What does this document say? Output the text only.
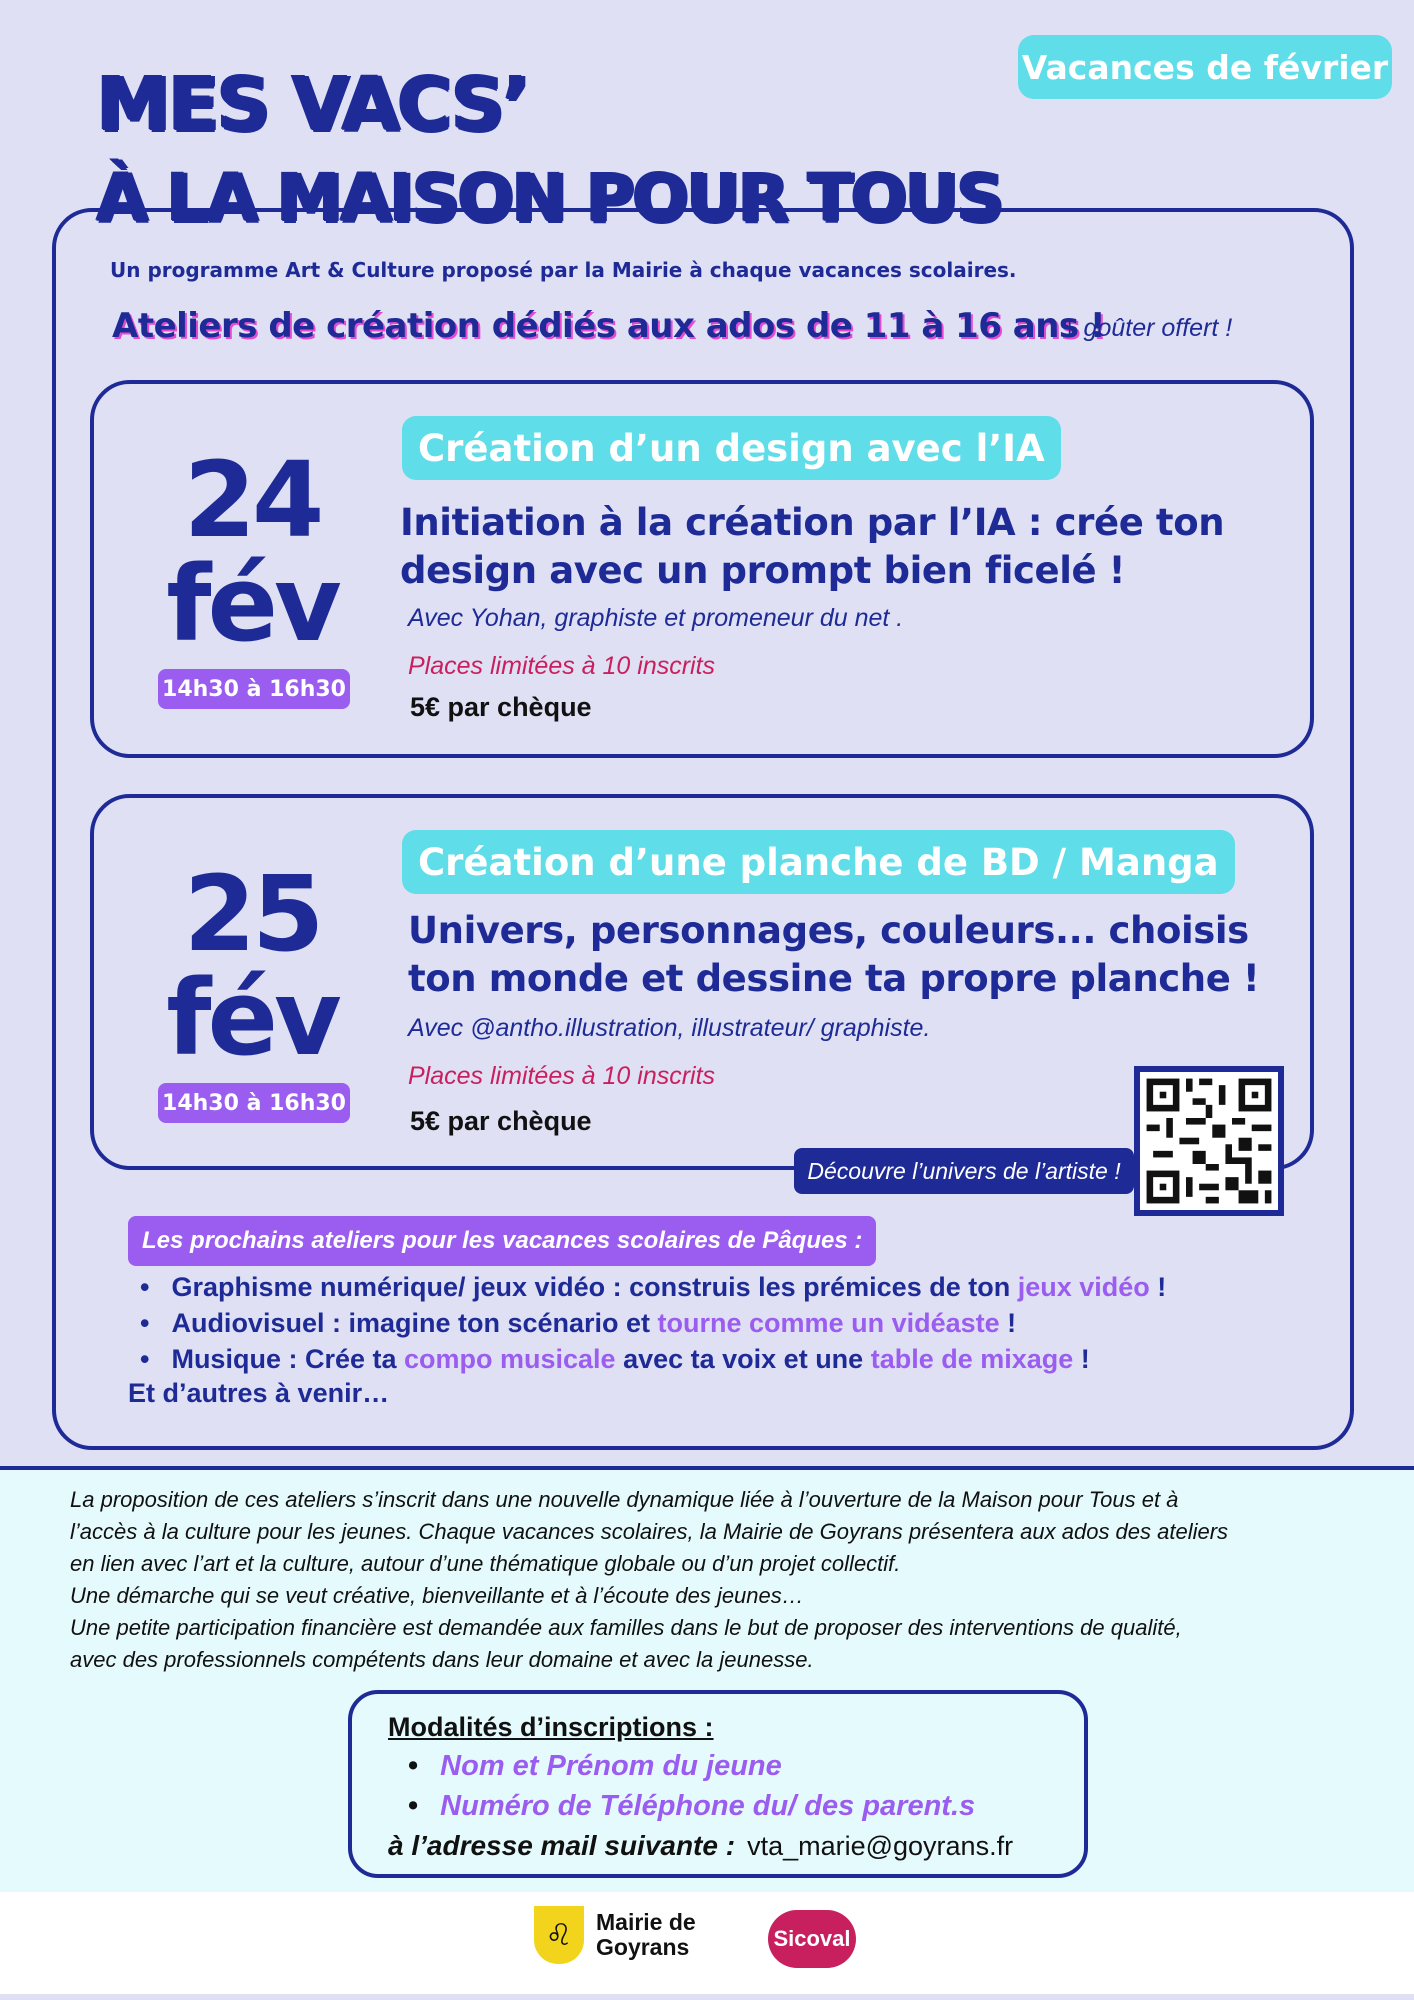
Vacances de février
MES VACS’
À LA MAISON POUR TOUS
Un programme Art & Culture proposé par la Mairie à chaque vacances scolaires.
Ateliers de création dédiés aux ados de 11 à 16 ans !
+ goûter offert !
24
fév
14h30 à 16h30
Création d’un design avec l’IA
Initiation à la création par l’IA : crée ton
design avec un prompt bien ficelé !
Avec Yohan, graphiste et promeneur du net .
Places limitées à 10 inscrits
5€ par chèque
25
fév
14h30 à 16h30
Création d’une planche de BD / Manga
Univers, personnages, couleurs... choisis
ton monde et dessine ta propre planche !
Avec @antho.illustration, illustrateur/ graphiste.
Places limitées à 10 inscrits
5€ par chèque
Découvre l’univers de l’artiste !
Les prochains ateliers pour les vacances scolaires de Pâques :
• Graphisme numérique/ jeux vidéo : construis les prémices de ton jeux vidéo !
• Audiovisuel : imagine ton scénario et tourne comme un vidéaste !
• Musique : Crée ta compo musicale avec ta voix et une table de mixage !
Et d’autres à venir…
La proposition de ces ateliers s’inscrit dans une nouvelle dynamique liée à l’ouverture de la Maison pour Tous et à
l’accès à la culture pour les jeunes. Chaque vacances scolaires, la Mairie de Goyrans présentera aux ados des ateliers
en lien avec l’art et la culture, autour d’une thématique globale ou d’un projet collectif.
Une démarche qui se veut créative, bienveillante et à l’écoute des jeunes…
Une petite participation financière est demandée aux familles dans le but de proposer des interventions de qualité,
avec des professionnels compétents dans leur domaine et avec la jeunesse.
Modalités d’inscriptions :
• Nom et Prénom du jeune
• Numéro de Téléphone du/ des parent.s
à l’adresse mail suivante : vta_marie@goyrans.fr
♌	Mairie de
Goyrans	Sicoval
